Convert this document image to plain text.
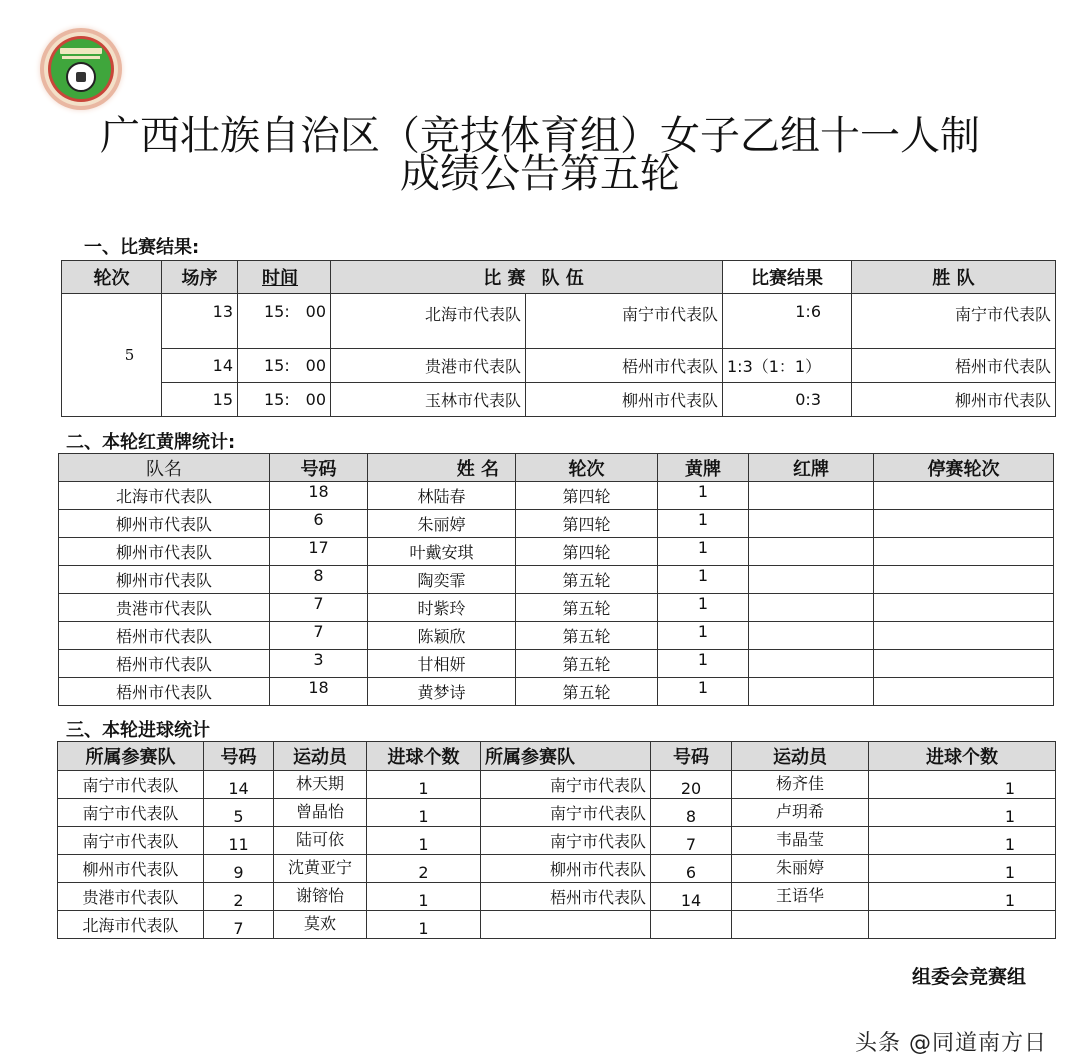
广西壮族自治区（竞技体育组）女子乙组十一人制
成绩公告第五轮
一、比赛结果:
轮次	场序	时间	比 赛	队 伍	比赛结果	胜 队
5	13	15: 00	北海市代表队	南宁市代表队	1:6	南宁市代表队
	14	15: 00	贵港市代表队	梧州市代表队	1:3（1：1）	梧州市代表队
	15	15: 00	玉林市代表队	柳州市代表队	0:3	柳州市代表队
二、本轮红黄牌统计:
队名	号码	姓 名	轮次	黄牌	红牌	停赛轮次
北海市代表队	18	林陆春	第四轮	1		
柳州市代表队	6	朱丽婷	第四轮	1		
柳州市代表队	17	叶戴安琪	第四轮	1		
柳州市代表队	8	陶奕霏	第五轮	1		
贵港市代表队	7	时紫玲	第五轮	1		
梧州市代表队	7	陈颖欣	第五轮	1		
梧州市代表队	3	甘相妍	第五轮	1		
梧州市代表队	18	黄梦诗	第五轮	1		
三、本轮进球统计
所属参赛队	号码	运动员	进球个数	所属参赛队	号码	运动员	进球个数
南宁市代表队	14	林天期	1	南宁市代表队	20	杨齐佳	1
南宁市代表队	5	曾晶怡	1	南宁市代表队	8	卢玥希	1
南宁市代表队	11	陆可依	1	南宁市代表队	7	韦晶莹	1
柳州市代表队	9	沈黄亚宁	2	柳州市代表队	6	朱丽婷	1
贵港市代表队	2	谢镕怡	1	梧州市代表队	14	王语华	1
北海市代表队	7	莫欢	1				
组委会竞赛组
头条 @同道南方日
